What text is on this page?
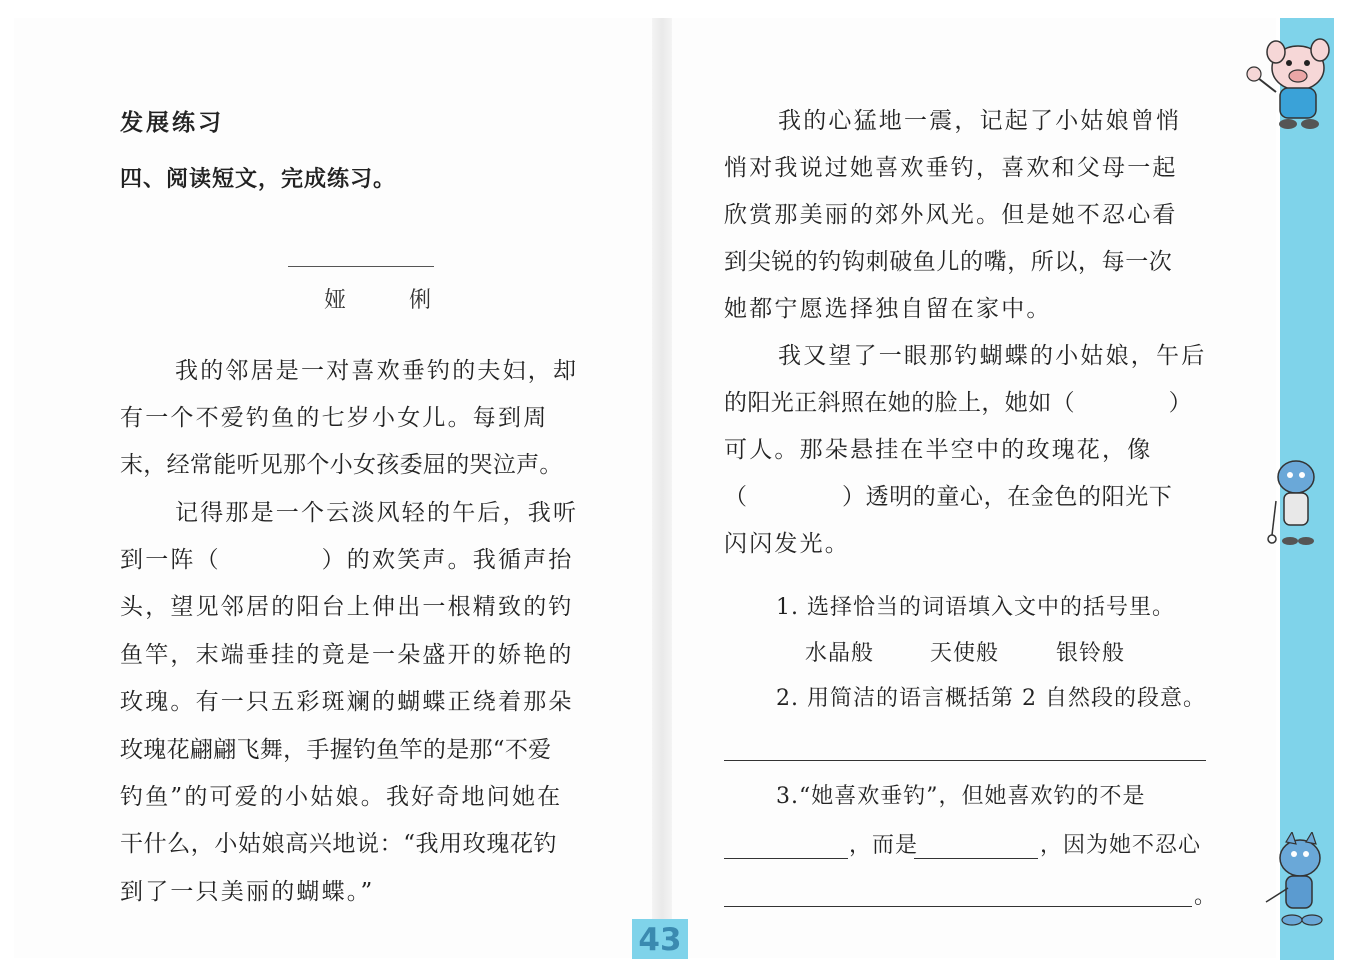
发展练习
四、阅读短文，完成练习。
娅 俐
我的邻居是一对喜欢垂钓的夫妇，却
有一个不爱钓鱼的七岁小女儿。每到周
末，经常能听见那个小女孩委屈的哭泣声。
记得那是一个云淡风轻的午后，我听
到一阵（　　　　）的欢笑声。我循声抬
头，望见邻居的阳台上伸出一根精致的钓
鱼竿，末端垂挂的竟是一朵盛开的娇艳的
玫瑰。有一只五彩斑斓的蝴蝶正绕着那朵
玫瑰花翩翩飞舞，手握钓鱼竿的是那“不爱
钓鱼”的可爱的小姑娘。我好奇地问她在
干什么，小姑娘高兴地说：“我用玫瑰花钓
到了一只美丽的蝴蝶。”
我的心猛地一震，记起了小姑娘曾悄
悄对我说过她喜欢垂钓，喜欢和父母一起
欣赏那美丽的郊外风光。但是她不忍心看
到尖锐的钓钩刺破鱼儿的嘴，所以，每一次
她都宁愿选择独自留在家中。
我又望了一眼那钓蝴蝶的小姑娘，午后
的阳光正斜照在她的脸上，她如（　　　　）
可人。那朵悬挂在半空中的玫瑰花，像
（　　　　）透明的童心，在金色的阳光下
闪闪发光。
1. 选择恰当的词语填入文中的括号里。
水晶般	天使般	银铃般
2. 用简洁的语言概括第 2 自然段的段意。
3.“她喜欢垂钓”，但她喜欢钓的不是
，而是	，因为她不忍心
。
43
